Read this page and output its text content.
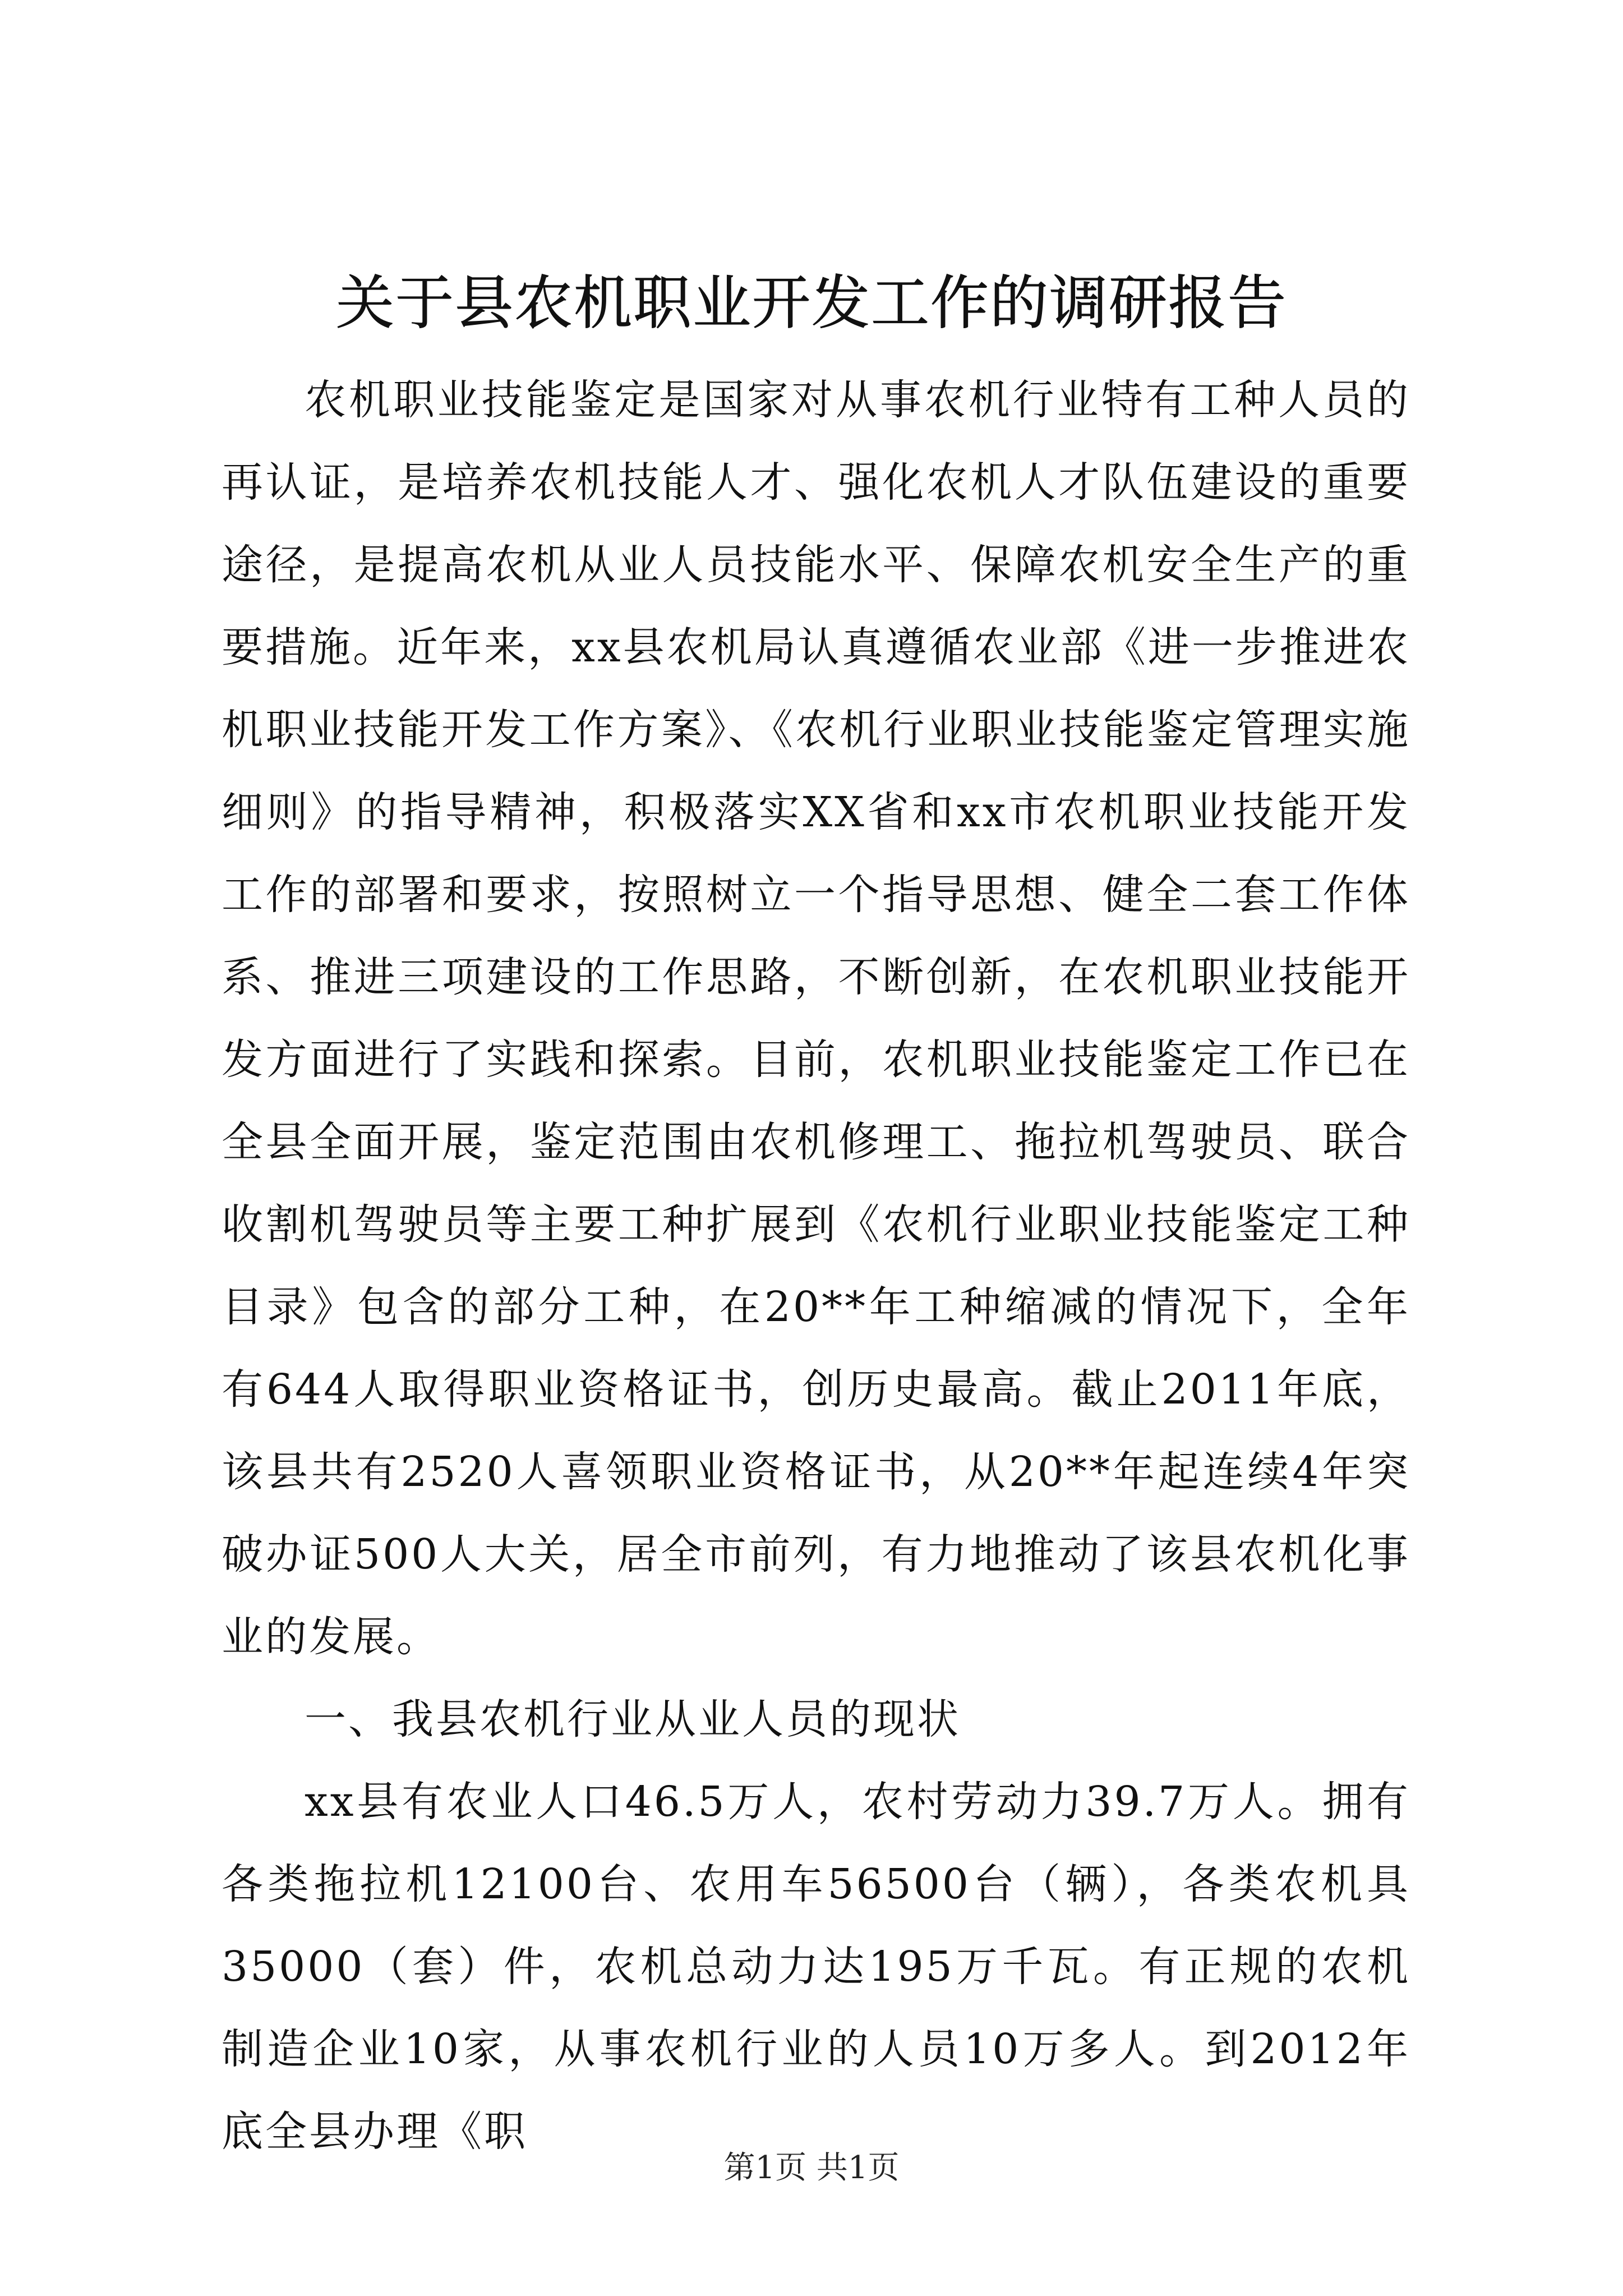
关于县农机职业开发工作的调研报告

农机职业技能鉴定是国家对从事农机行业特有工种人员的再认证，是培养农机技能人才、强化农机人才队伍建设的重要途径，是提高农机从业人员技能水平、保障农机安全生产的重要措施。近年来，xx县农机局认真遵循农业部《进一步推进农机职业技能开发工作方案》、《农机行业职业技能鉴定管理实施细则》的指导精神，积极落实XX省和xx市农机职业技能开发工作的部署和要求，按照树立一个指导思想、健全二套工作体系、推进三项建设的工作思路，不断创新，在农机职业技能开发方面进行了实践和探索。目前，农机职业技能鉴定工作已在全县全面开展，鉴定范围由农机修理工、拖拉机驾驶员、联合收割机驾驶员等主要工种扩展到《农机行业职业技能鉴定工种目录》包含的部分工种，在20**年工种缩减的情况下，全年有644人取得职业资格证书，创历史最高。截止2011年底，该县共有2520人喜领职业资格证书，从20**年起连续4年突破办证500人大关，居全市前列，有力地推动了该县农机化事业的发展。

一、我县农机行业从业人员的现状

xx县有农业人口46.5万人，农村劳动力39.7万人。拥有各类拖拉机12100台、农用车56500台（辆），各类农机具35000（套）件，农机总动力达195万千瓦。有正规的农机制造企业10家，从事农机行业的人员10万多人。到2012年底全县办理《职

第1页 共1页
